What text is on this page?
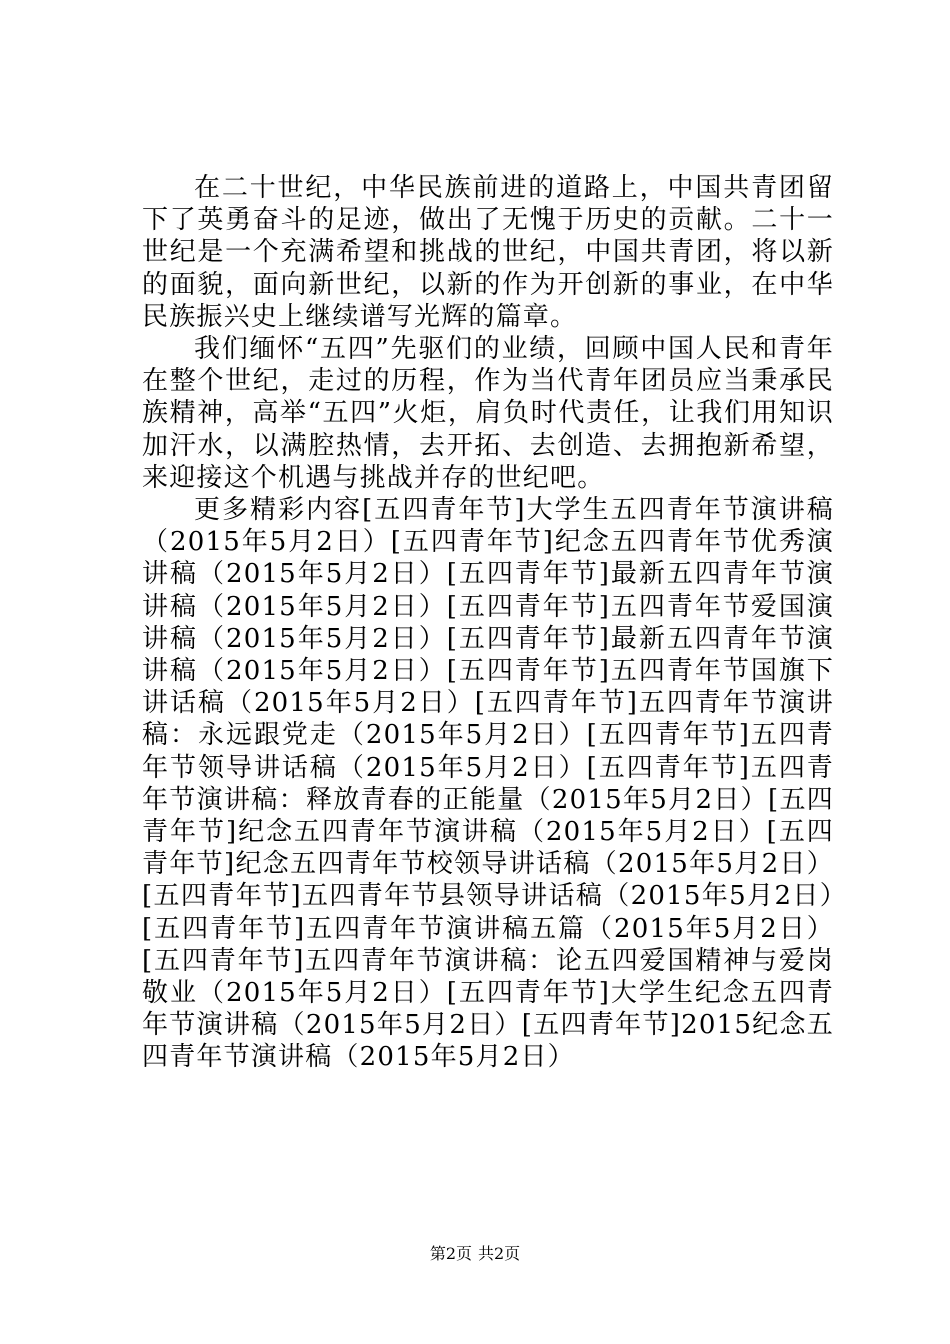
在二十世纪，中华民族前进的道路上，中国共青团留下了英勇奋斗的足迹，做出了无愧于历史的贡献。二十一世纪是一个充满希望和挑战的世纪，中国共青团，将以新的面貌，面向新世纪，以新的作为开创新的事业，在中华民族振兴史上继续谱写光辉的篇章。

我们缅怀“五四”先驱们的业绩，回顾中国人民和青年在整个世纪，走过的历程，作为当代青年团员应当秉承民族精神，高举“五四”火炬，肩负时代责任，让我们用知识加汗水，以满腔热情，去开拓、去创造、去拥抱新希望，来迎接这个机遇与挑战并存的世纪吧。

更多精彩内容[五四青年节]大学生五四青年节演讲稿（2015年5月2日）[五四青年节]纪念五四青年节优秀演讲稿（2015年5月2日）[五四青年节]最新五四青年节演讲稿（2015年5月2日）[五四青年节]五四青年节爱国演讲稿（2015年5月2日）[五四青年节]最新五四青年节演讲稿（2015年5月2日）[五四青年节]五四青年节国旗下讲话稿（2015年5月2日）[五四青年节]五四青年节演讲稿：永远跟党走（2015年5月2日）[五四青年节]五四青年节领导讲话稿（2015年5月2日）[五四青年节]五四青年节演讲稿：释放青春的正能量（2015年5月2日）[五四青年节]纪念五四青年节演讲稿（2015年5月2日）[五四青年节]纪念五四青年节校领导讲话稿（2015年5月2日）[五四青年节]五四青年节县领导讲话稿（2015年5月2日）[五四青年节]五四青年节演讲稿五篇（2015年5月2日）[五四青年节]五四青年节演讲稿：论五四爱国精神与爱岗敬业（2015年5月2日）[五四青年节]大学生纪念五四青年节演讲稿（2015年5月2日）[五四青年节]2015纪念五四青年节演讲稿（2015年5月2日）

第2页 共2页
